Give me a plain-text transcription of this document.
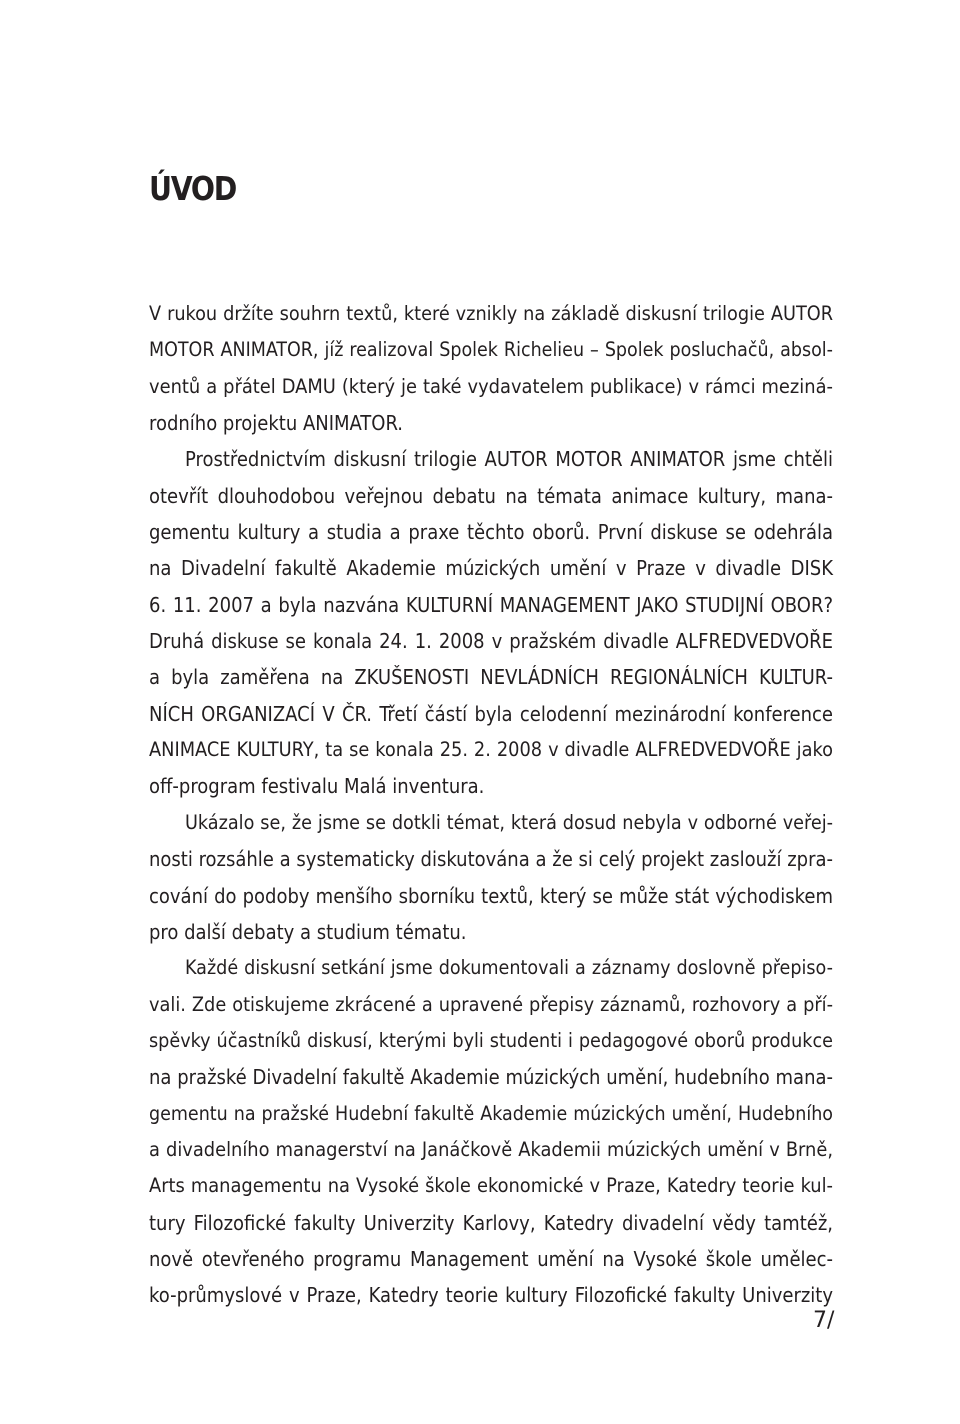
ÚVOD
V rukou držíte souhrn textů, které vznikly na základě diskusní trilogie AUTOR
MOTOR ANIMATOR, jíž realizoval Spolek Richelieu – Spolek posluchačů, absol-
ventů a přátel DAMU (který je také vydavatelem publikace) v rámci meziná-
rodního projektu ANIMATOR.
Prostřednictvím diskusní trilogie AUTOR MOTOR ANIMATOR jsme chtěli
otevřít dlouhodobou veřejnou debatu na témata animace kultury, mana-
gementu kultury a studia a praxe těchto oborů. První diskuse se odehrála
na Divadelní fakultě Akademie múzických umění v Praze v divadle DISK
6. 11. 2007 a byla nazvána KULTURNÍ MANAGEMENT JAKO STUDIJNÍ OBOR?
Druhá diskuse se konala 24. 1. 2008 v pražském divadle ALFREDVEDVOŘE
a byla zaměřena na ZKUŠENOSTI NEVLÁDNÍCH REGIONÁLNÍCH KULTUR-
NÍCH ORGANIZACÍ V ČR. Třetí částí byla celodenní mezinárodní konference
ANIMACE KULTURY, ta se konala 25. 2. 2008 v divadle ALFREDVEDVOŘE jako
off-program festivalu Malá inventura.
Ukázalo se, že jsme se dotkli témat, která dosud nebyla v odborné veřej-
nosti rozsáhle a systematicky diskutována a že si celý projekt zaslouží zpra-
cování do podoby menšího sborníku textů, který se může stát východiskem
pro další debaty a studium tématu.
Každé diskusní setkání jsme dokumentovali a záznamy doslovně přepiso-
vali. Zde otiskujeme zkrácené a upravené přepisy záznamů, rozhovory a pří-
spěvky účastníků diskusí, kterými byli studenti i pedagogové oborů produkce
na pražské Divadelní fakultě Akademie múzických umění, hudebního mana-
gementu na pražské Hudební fakultě Akademie múzických umění, Hudebního
a divadelního managerství na Janáčkově Akademii múzických umění v Brně,
Arts managementu na Vysoké škole ekonomické v Praze, Katedry teorie kul-
tury Filozofické fakulty Univerzity Karlovy, Katedry divadelní vědy tamtéž,
nově otevřeného programu Management umění na Vysoké škole umělec-
ko-průmyslové v Praze, Katedry teorie kultury Filozofické fakulty Univerzity
7/
